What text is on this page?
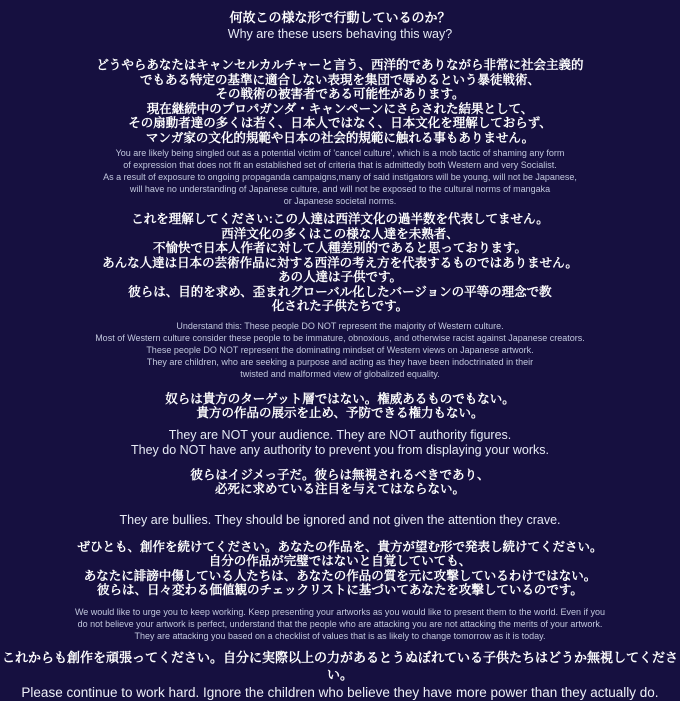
何故この様な形で行動しているのか？
Why are these users behaving this way?
どうやらあなたはキャンセルカルチャーと言う、西洋的でありながら非常に社会主義的
でもある特定の基準に適合しない表現を集団で辱めるという暴徒戦術、
その戦術の被害者である可能性があります。
現在継続中のプロパガンダ・キャンペーンにさらされた結果として、
その扇動者達の多くは若く、日本人ではなく、日本文化を理解しておらず、
マンガ家の文化的規範や日本の社会的規範に触れる事もありません。
You are likely being singled out as a potential victim of 'cancel culture', which is a mob tactic of shaming any form
of expression that does not fit an established set of criteria that is admittedly both Western and very Socialist.
As a result of exposure to ongoing propaganda campaigns,many of said instigators will be young, will not be Japanese,
will have no understanding of Japanese culture, and will not be exposed to the cultural norms of mangaka
or Japanese societal norms.
これを理解してください:この人達は西洋文化の過半数を代表してません。
西洋文化の多くはこの様な人達を未熟者、
不愉快で日本人作者に対して人種差別的であると思っております。
あんな人達は日本の芸術作品に対する西洋の考え方を代表するものではありません。
あの人達は子供です。
彼らは、目的を求め、歪まれグローバル化したバージョンの平等の理念で教
化された子供たちです。
Understand this: These people DO NOT represent the majority of Western culture.
Most of Western culture consider these people to be immature, obnoxious, and otherwise racist against Japanese creators.
These people DO NOT represent the dominating mindset of Western views on Japanese artwork.
They are children, who are seeking a purpose and acting as they have been indoctrinated in their
twisted and malformed view of globalized equality.
奴らは貴方のターゲット層ではない。権威あるものでもない。
貴方の作品の展示を止め、予防できる権力もない。
They are NOT your audience. They are NOT authority figures.
They do NOT have any authority to prevent you from displaying your works.
彼らはイジメっ子だ。彼らは無視されるべきであり、
必死に求めている注目を与えてはならない。
They are bullies. They should be ignored and not given the attention they crave.
ぜひとも、創作を続けてください。あなたの作品を、貴方が望む形で発表し続けてください。
自分の作品が完璧ではないと自覚していても、
あなたに誹謗中傷している人たちは、あなたの作品の質を元に攻撃しているわけではない。
彼らは、日々変わる価値観のチェックリストに基づいてあなたを攻撃しているのです。
We would like to urge you to keep working. Keep presenting your artworks as you would like to present them to the world. Even if you
do not believe your artwork is perfect, understand that the people who are attacking you are not attacking the merits of your artwork.
They are attacking you based on a checklist of values that is as likely to change tomorrow as it is today.
これからも創作を頑張ってください。自分に実際以上の力があるとうぬぼれている子供たちはどうか無視してください。
Please continue to work hard. Ignore the children who believe they have more power than they actually do.
